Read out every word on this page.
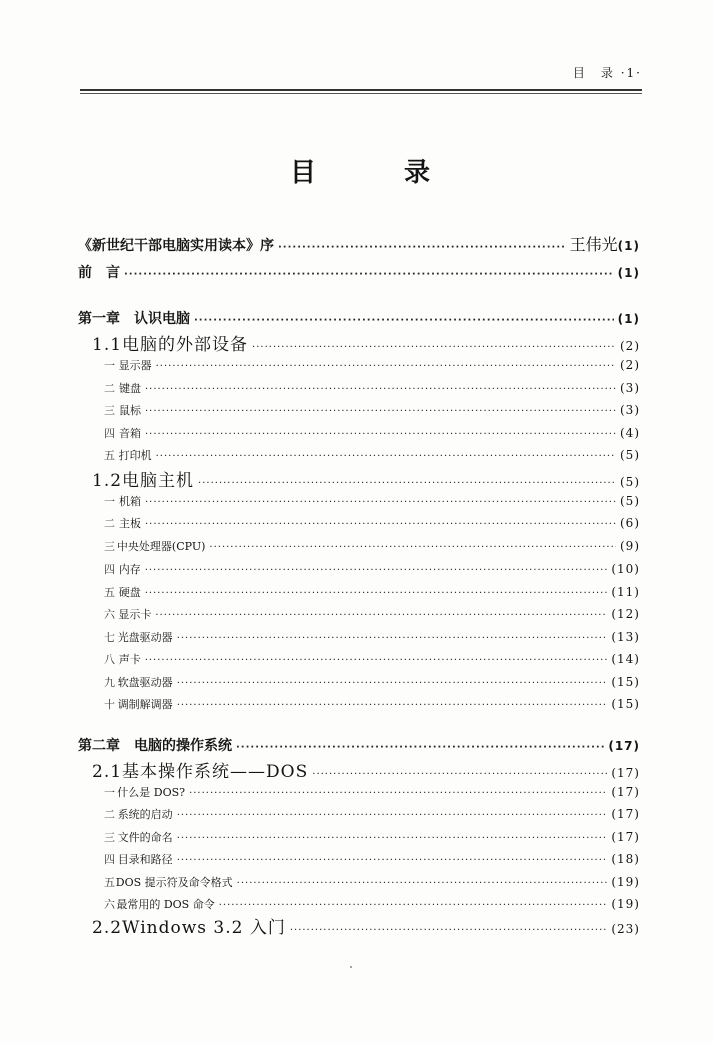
目　录 ·1·
目	录
《新世纪干部电脑实用读本》序 ·····	王伟光 (1)
前　言 ·····	(1)
第一章　认识电脑 ·····	(1)
1.1 电脑的外部设备 ·····	(2)
一 显示器 ·····	(2)
二 键盘 ·····	(3)
三 鼠标 ·····	(3)
四 音箱 ·····	(4)
五 打印机 ·····	(5)
1.2 电脑主机 ·····	(5)
一 机箱 ·····	(5)
二 主板 ·····	(6)
三 中央处理器(CPU) ·····	(9)
四 内存 ·····	(10)
五 硬盘 ·····	(11)
六 显示卡 ·····	(12)
七 光盘驱动器 ·····	(13)
八 声卡 ·····	(14)
九 软盘驱动器 ·····	(15)
十 调制解调器 ·····	(15)
第二章　电脑的操作系统 ·····	(17)
2.1 基本操作系统——DOS ·····	(17)
一 什么是 DOS? ·····	(17)
二 系统的启动 ·····	(17)
三 文件的命名 ·····	(17)
四 目录和路径 ·····	(18)
五 DOS 提示符及命令格式 ·····	(19)
六 最常用的 DOS 命令 ·····	(19)
2.2 Windows 3.2 入门 ·····	(23)
